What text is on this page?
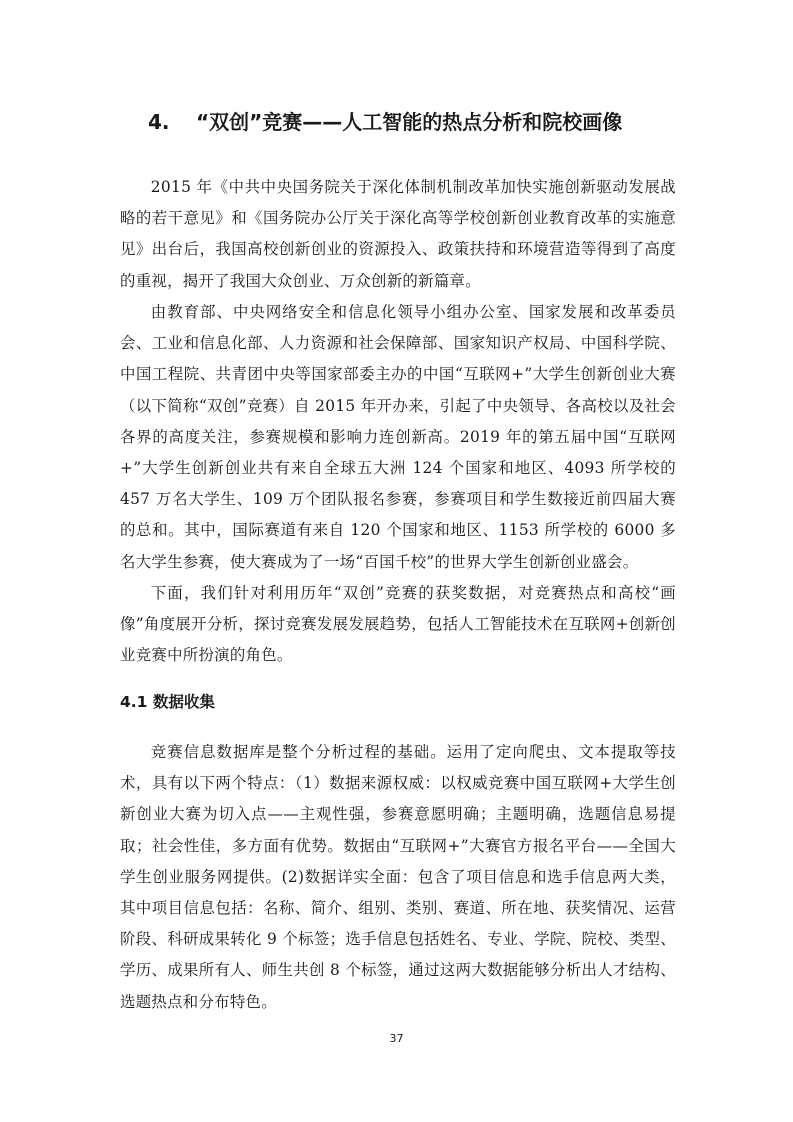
4. “双创”竞赛——人工智能的热点分析和院校画像

2015 年《中共中央国务院关于深化体制机制改革加快实施创新驱动发展战略的若干意见》和《国务院办公厅关于深化高等学校创新创业教育改革的实施意见》出台后，我国高校创新创业的资源投入、政策扶持和环境营造等得到了高度的重视，揭开了我国大众创业、万众创新的新篇章。

由教育部、中央网络安全和信息化领导小组办公室、国家发展和改革委员会、工业和信息化部、人力资源和社会保障部、国家知识产权局、中国科学院、中国工程院、共青团中央等国家部委主办的中国“互联网+”大学生创新创业大赛（以下简称“双创”竞赛）自 2015 年开办来，引起了中央领导、各高校以及社会各界的高度关注，参赛规模和影响力连创新高。2019 年的第五届中国“互联网+”大学生创新创业共有来自全球五大洲 124 个国家和地区、4093 所学校的 457 万名大学生、109 万个团队报名参赛，参赛项目和学生数接近前四届大赛的总和。其中，国际赛道有来自 120 个国家和地区、1153 所学校的 6000 多名大学生参赛，使大赛成为了一场“百国千校”的世界大学生创新创业盛会。

下面，我们针对利用历年“双创”竞赛的获奖数据，对竞赛热点和高校“画像”角度展开分析，探讨竞赛发展发展趋势，包括人工智能技术在互联网+创新创业竞赛中所扮演的角色。

4.1 数据收集

竞赛信息数据库是整个分析过程的基础。运用了定向爬虫、文本提取等技术，具有以下两个特点：（1）数据来源权威：以权威竞赛中国互联网+大学生创新创业大赛为切入点——主观性强，参赛意愿明确；主题明确，选题信息易提取；社会性佳，多方面有优势。数据由“互联网+”大赛官方报名平台——全国大学生创业服务网提供。(2)数据详实全面：包含了项目信息和选手信息两大类，其中项目信息包括：名称、简介、组别、类别、赛道、所在地、获奖情况、运营阶段、科研成果转化 9 个标签；选手信息包括姓名、专业、学院、院校、类型、学历、成果所有人、师生共创 8 个标签，通过这两大数据能够分析出人才结构、选题热点和分布特色。

37
